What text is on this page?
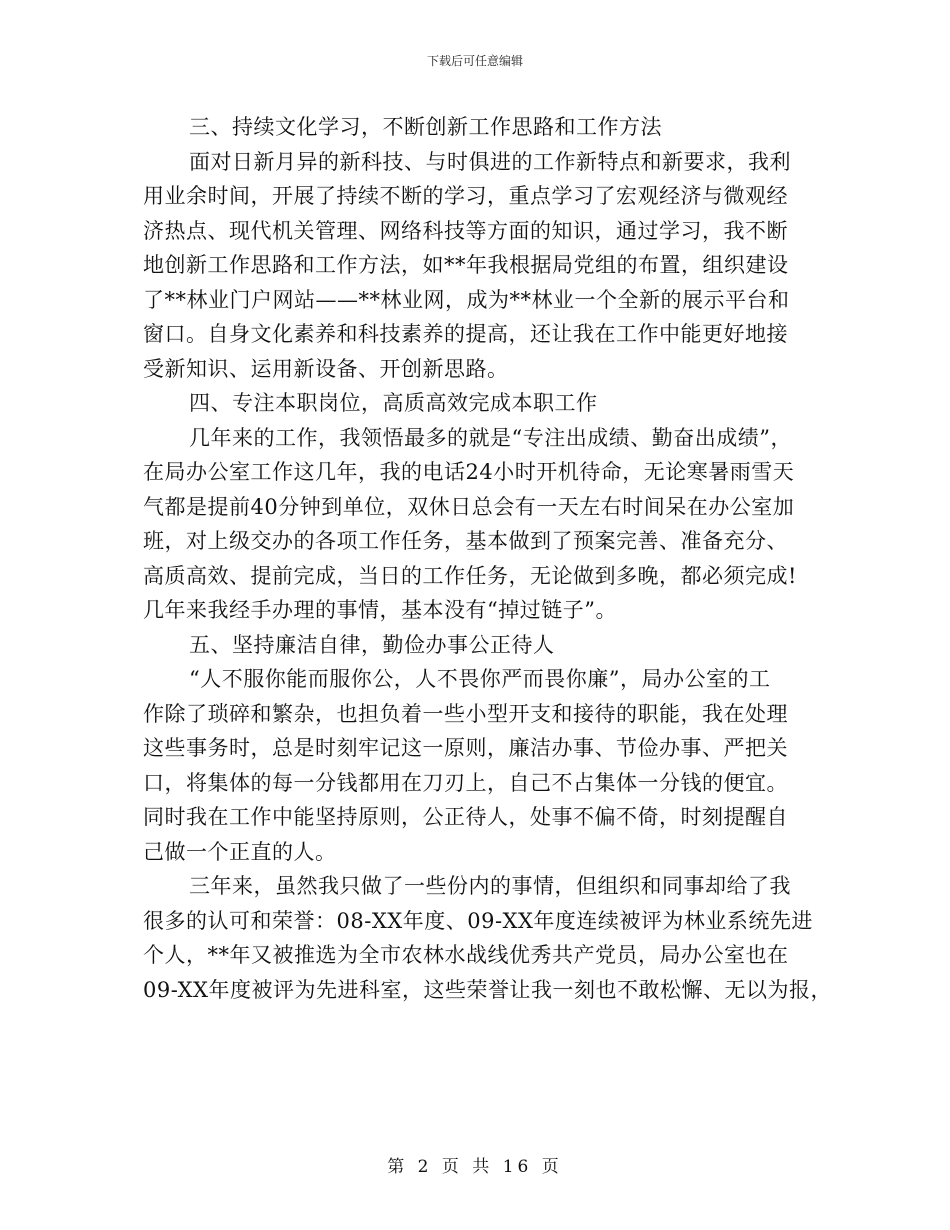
下载后可任意编辑
三、持续文化学习，不断创新工作思路和工作方法
面对日新月异的新科技、与时俱进的工作新特点和新要求，我利
用业余时间，开展了持续不断的学习，重点学习了宏观经济与微观经
济热点、现代机关管理、网络科技等方面的知识，通过学习，我不断
地创新工作思路和工作方法，如**年我根据局党组的布置，组织建设
了**林业门户网站——**林业网，成为**林业一个全新的展示平台和
窗口。自身文化素养和科技素养的提高，还让我在工作中能更好地接
受新知识、运用新设备、开创新思路。
四、专注本职岗位，高质高效完成本职工作
几年来的工作，我领悟最多的就是“专注出成绩、勤奋出成绩”，
在局办公室工作这几年，我的电话24小时开机待命，无论寒暑雨雪天
气都是提前40分钟到单位，双休日总会有一天左右时间呆在办公室加
班，对上级交办的各项工作任务，基本做到了预案完善、准备充分、
高质高效、提前完成，当日的工作任务，无论做到多晚，都必须完成!
几年来我经手办理的事情，基本没有“掉过链子”。
五、坚持廉洁自律，勤俭办事公正待人
“人不服你能而服你公，人不畏你严而畏你廉”，局办公室的工
作除了琐碎和繁杂，也担负着一些小型开支和接待的职能，我在处理
这些事务时，总是时刻牢记这一原则，廉洁办事、节俭办事、严把关
口，将集体的每一分钱都用在刀刃上，自己不占集体一分钱的便宜。
同时我在工作中能坚持原则，公正待人，处事不偏不倚，时刻提醒自
己做一个正直的人。
三年来，虽然我只做了一些份内的事情，但组织和同事却给了我
很多的认可和荣誉：08-XX年度、09-XX年度连续被评为林业系统先进
个人，**年又被推选为全市农林水战线优秀共产党员，局办公室也在
09-XX年度被评为先进科室，这些荣誉让我一刻也不敢松懈、无以为报，
第 2 页 共 16 页
